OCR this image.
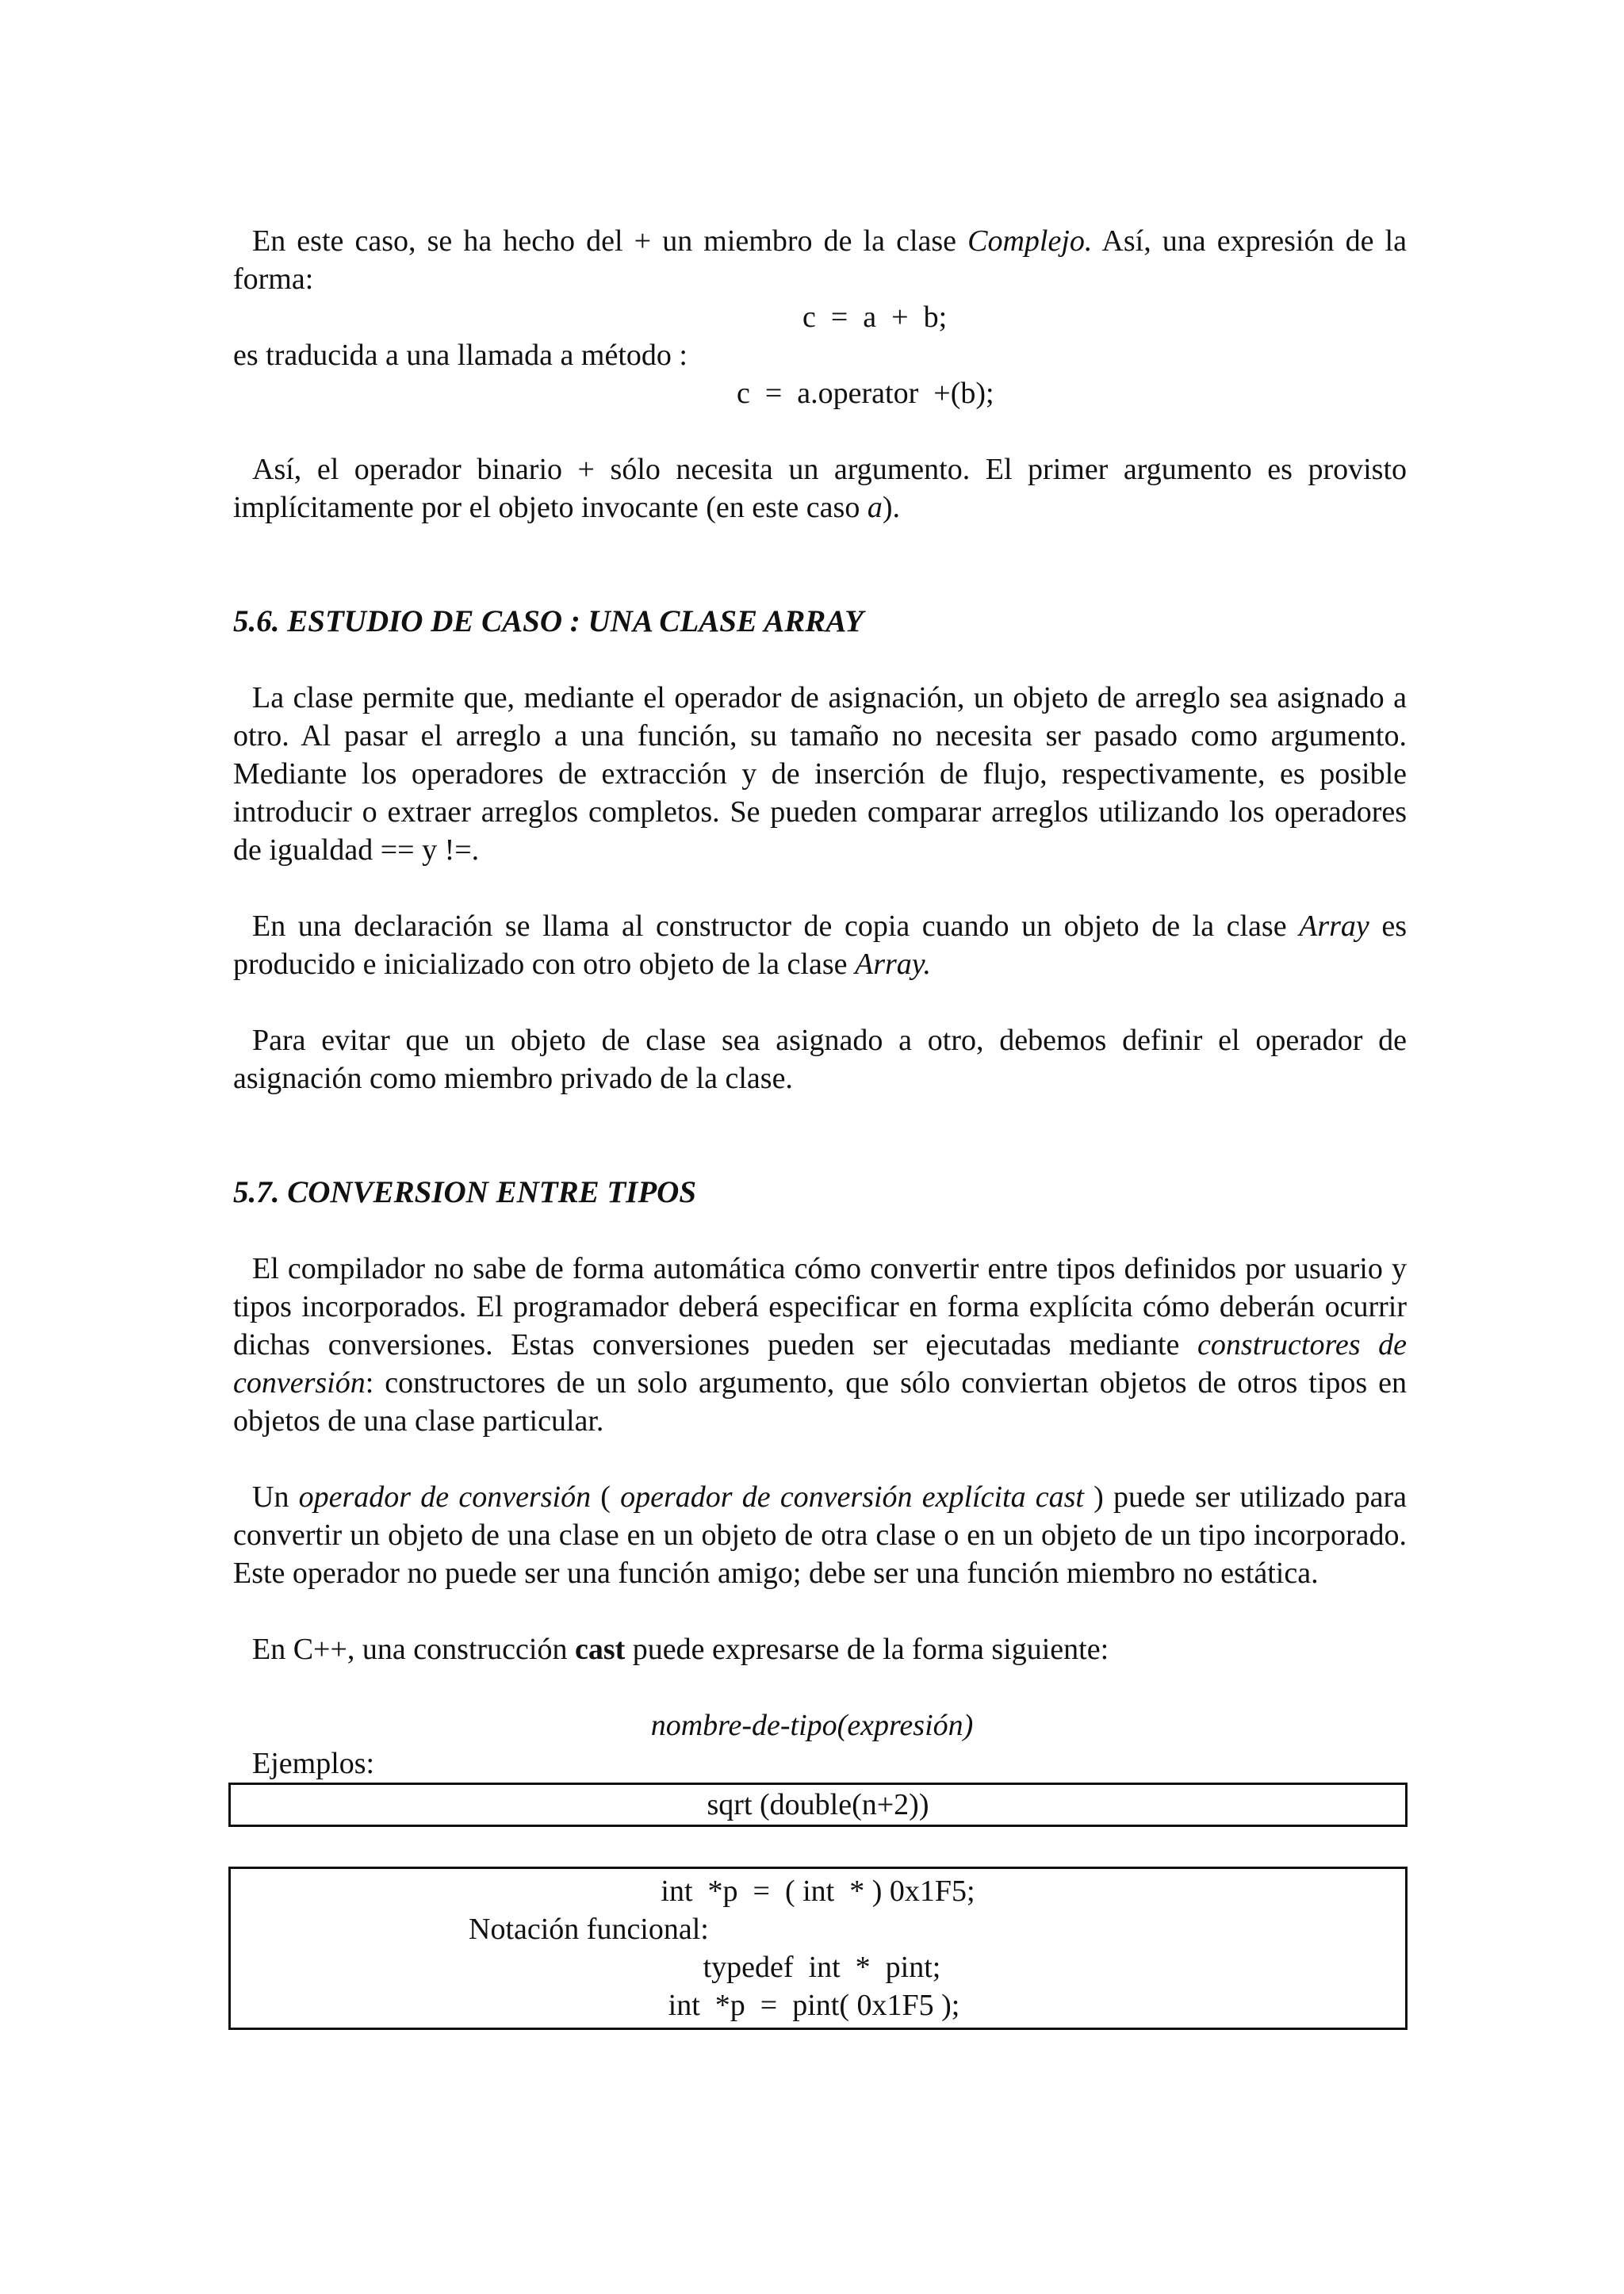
En este caso, se ha hecho del + un miembro de la clase Complejo. Así, una expresión de la forma:

c  =  a  +  b;

es traducida a una llamada a método :

c  =  a.operator  +(b);

Así, el operador binario + sólo necesita un argumento. El primer argumento es provisto implícitamente por el objeto invocante (en este caso a).

5.6. ESTUDIO DE CASO : UNA CLASE ARRAY

La clase permite que, mediante el operador de asignación, un objeto de arreglo sea asignado a otro. Al pasar el arreglo a una función, su tamaño no necesita ser pasado como argumento. Mediante los operadores de extracción y de inserción de flujo, respectivamente, es posible introducir o extraer arreglos completos. Se pueden comparar arreglos utilizando los operadores de igualdad == y !=.

En una declaración se llama al constructor de copia cuando un objeto de la clase Array es producido e inicializado con otro objeto de la clase Array.

Para evitar que un objeto de clase sea asignado a otro, debemos definir el operador de asignación como miembro privado de la clase.

5.7. CONVERSION ENTRE TIPOS

El compilador no sabe de forma automática cómo convertir entre tipos definidos por usuario y tipos incorporados. El programador deberá especificar en forma explícita cómo deberán ocurrir dichas conversiones. Estas conversiones pueden ser ejecutadas mediante constructores de conversión: constructores de un solo argumento, que sólo conviertan objetos de otros tipos en objetos de una clase particular.

Un operador de conversión ( operador de conversión explícita cast ) puede ser utilizado para convertir un objeto de una clase en un objeto de otra clase o en un objeto de un tipo incorporado. Este operador no puede ser una función amigo; debe ser una función miembro no estática.

En C++, una construcción cast puede expresarse de la forma siguiente:

nombre-de-tipo(expresión)

Ejemplos:

sqrt (double(n+2))

int  *p  =  ( int  * ) 0x1F5;

Notación funcional:

typedef  int  *  pint;

int  *p  =  pint( 0x1F5 );
